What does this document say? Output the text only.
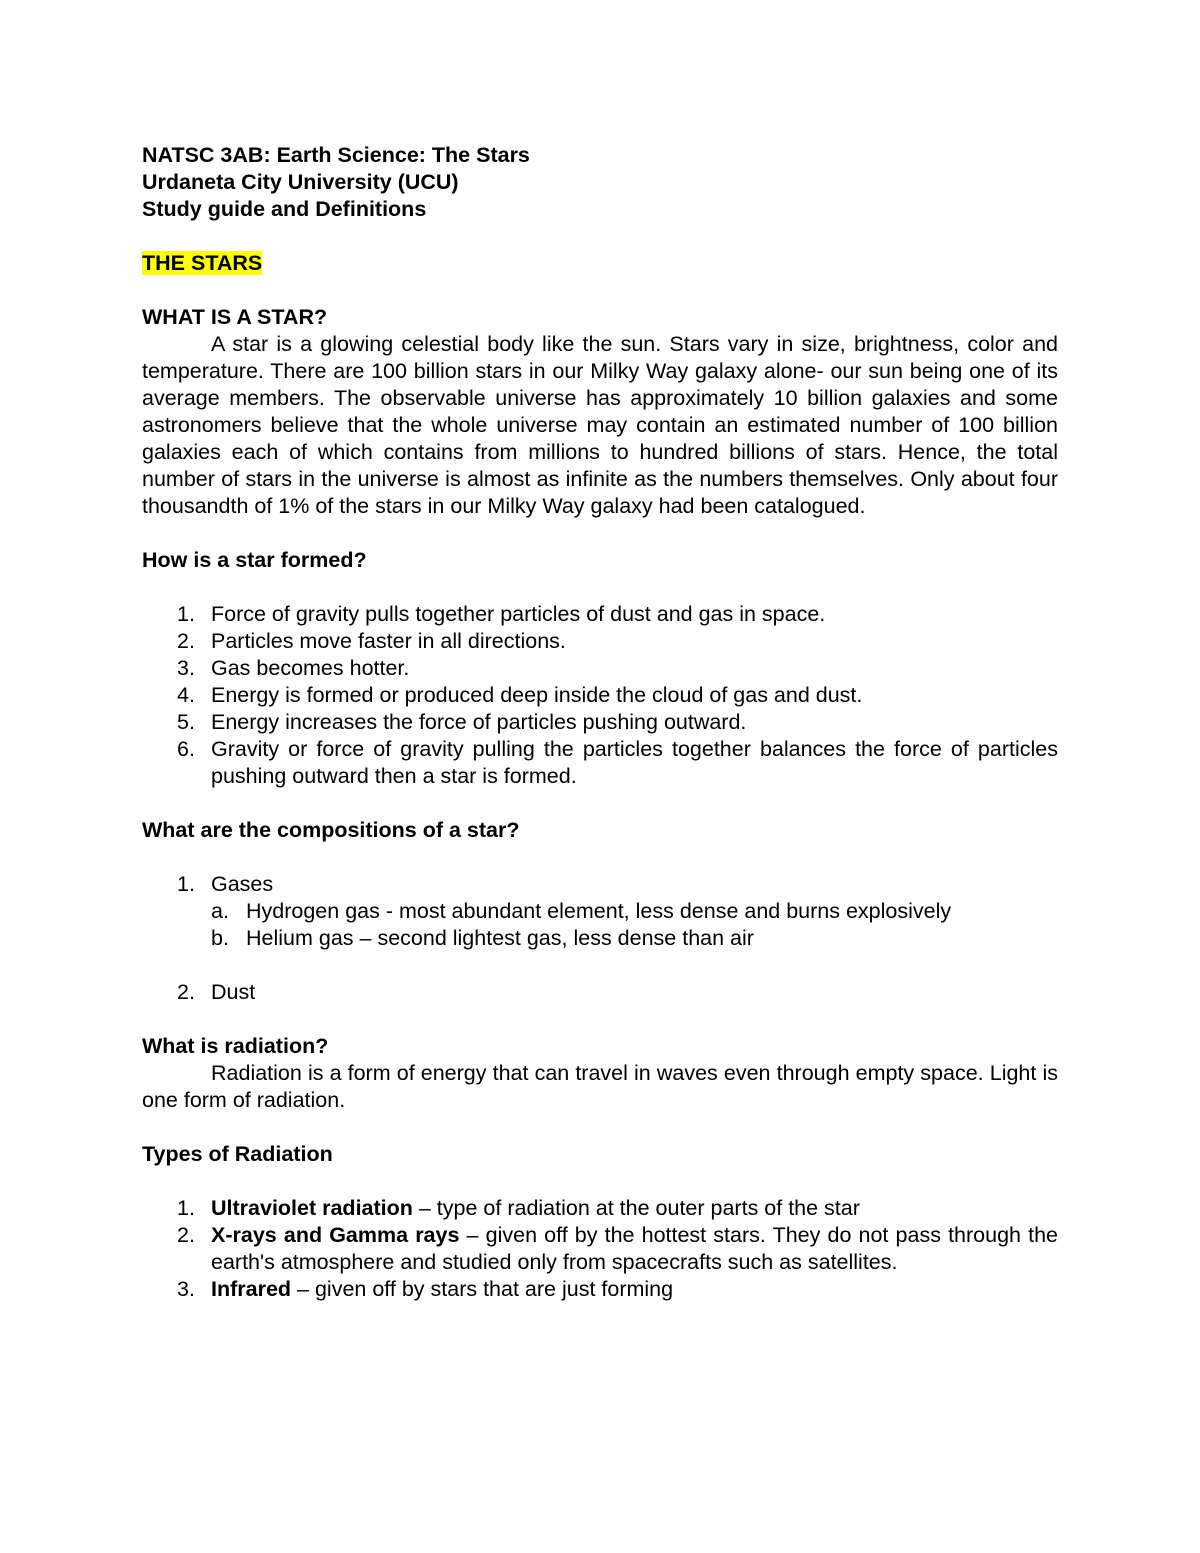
NATSC 3AB: Earth Science: The Stars

Urdaneta City University (UCU)

Study guide and Definitions

THE STARS

WHAT IS A STAR?

A star is a glowing celestial body like the sun. Stars vary in size, brightness, color and temperature. There are 100 billion stars in our Milky Way galaxy alone- our sun being one of its average members. The observable universe has approximately 10 billion galaxies and some astronomers believe that the whole universe may contain an estimated number of 100 billion galaxies each of which contains from millions to hundred billions of stars. Hence, the total number of stars in the universe is almost as infinite as the numbers themselves. Only about four thousandth of 1% of the stars in our Milky Way galaxy had been catalogued.

How is a star formed?

1. Force of gravity pulls together particles of dust and gas in space.
2. Particles move faster in all directions.
3. Gas becomes hotter.
4. Energy is formed or produced deep inside the cloud of gas and dust.
5. Energy increases the force of particles pushing outward.
6. Gravity or force of gravity pulling the particles together balances the force of particles pushing outward then a star is formed.

What are the compositions of a star?

1. Gases
a. Hydrogen gas - most abundant element, less dense and burns explosively
b. Helium gas – second lightest gas, less dense than air
2. Dust

What is radiation?

Radiation is a form of energy that can travel in waves even through empty space. Light is one form of radiation.

Types of Radiation

1. Ultraviolet radiation – type of radiation at the outer parts of the star
2. X-rays and Gamma rays – given off by the hottest stars. They do not pass through the earth's atmosphere and studied only from spacecrafts such as satellites.
3. Infrared – given off by stars that are just forming
